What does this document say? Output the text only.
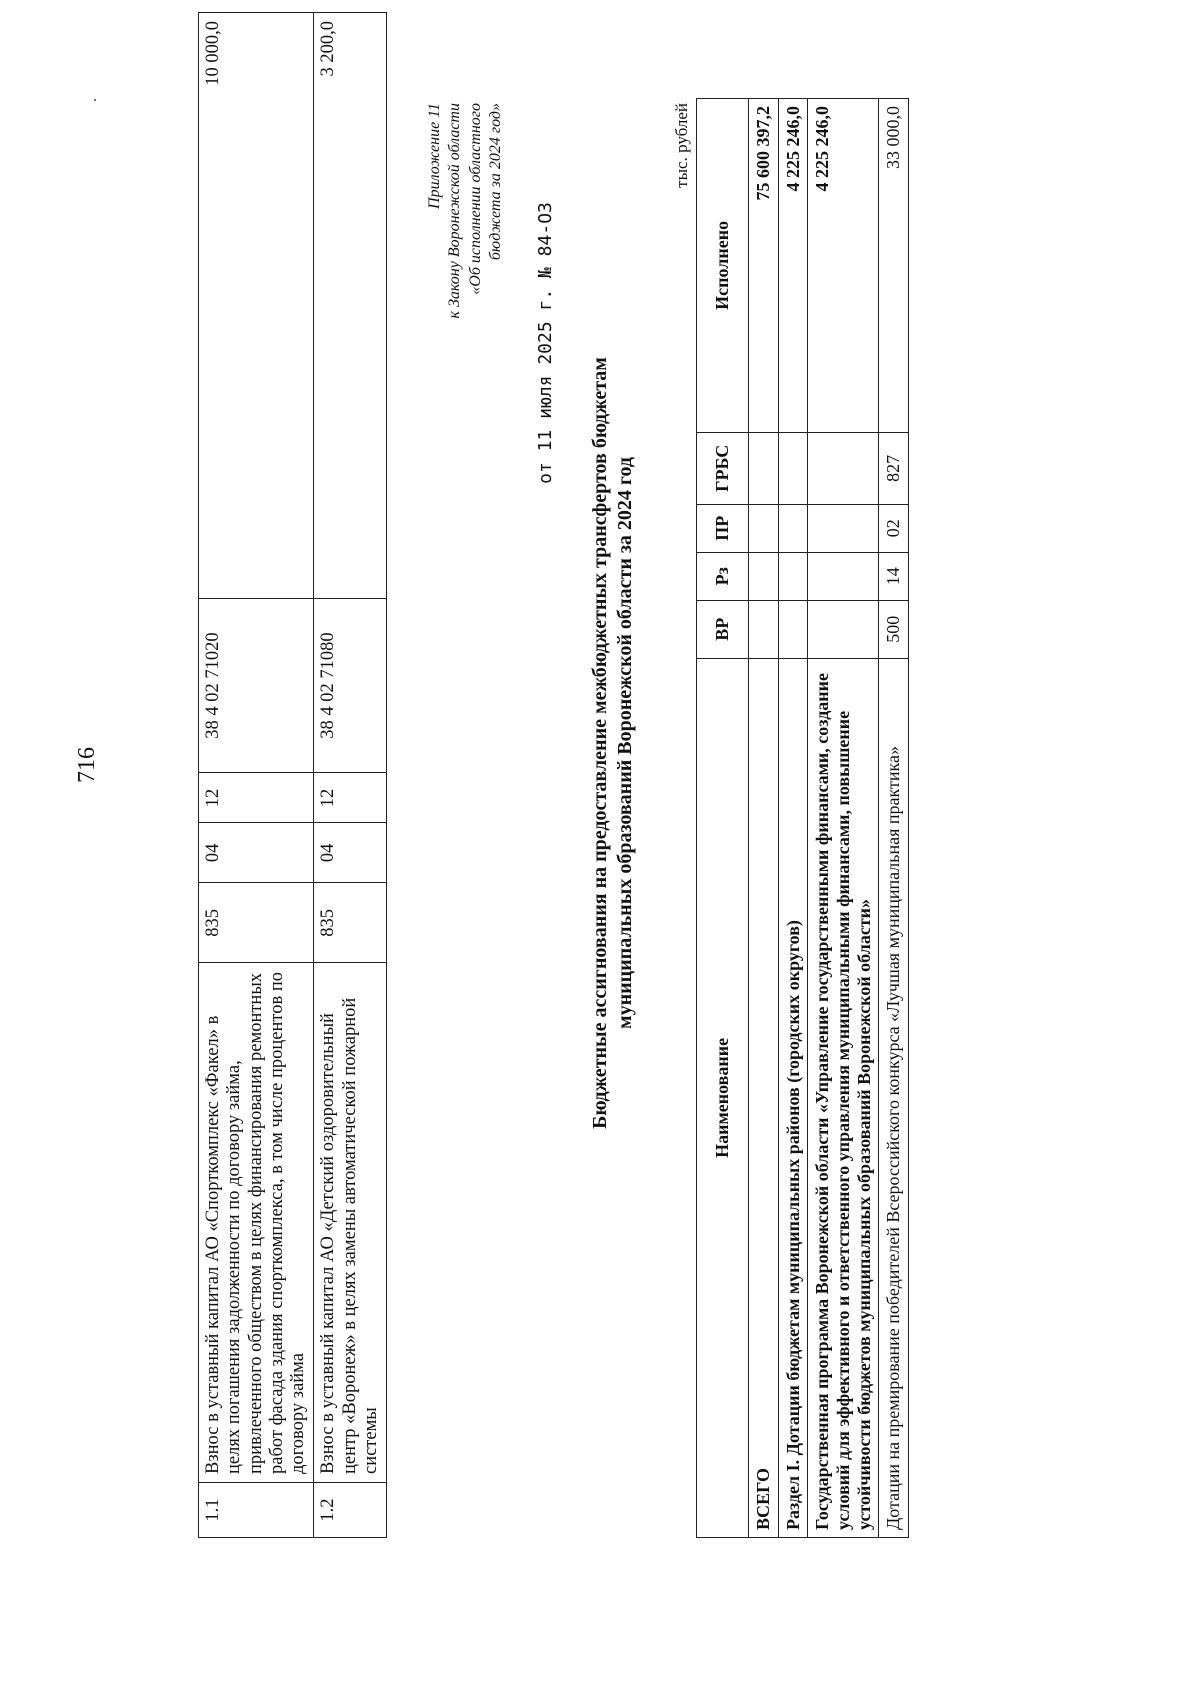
716
1.1	Взнос в уставный капитал АО «Спорткомплекс «Факел» в целях погашения задолженности по договору займа, привлеченного обществом в целях финансирования ремонтных работ фасада здания спорткомплекса, в том числе процентов по договору займа	835	04	12	38 4 02 71020	10 000,0
1.2	Взнос в уставный капитал АО «Детский оздоровительный центр «Воронеж» в целях замены автоматической пожарной системы	835	04	12	38 4 02 71080	3 200,0
Приложение 11 к Закону Воронежской области «Об исполнении областного бюджета за 2024 год»
от 11 июля 2025 г. № 84-ОЗ
Бюджетные ассигнования на предоставление межбюджетных трансфертов бюджетам муниципальных образований Воронежской области за 2024 год
тыс. рублей
Наименование	ВР	Рз	ПР	ГРБС	Исполнено
ВСЕГО					75 600 397,2
Раздел I. Дотации бюджетам муниципальных районов (городских округов)					4 225 246,0
Государственная программа Воронежской области «Управление государственными финансами, создание условий для эффективного и ответственного управления муниципальными финансами, повышение устойчивости бюджетов муниципальных образований Воронежской области»					4 225 246,0
Дотации на премирование победителей Всероссийского конкурса «Лучшая муниципальная практика»	500	14	02	827	33 000,0
